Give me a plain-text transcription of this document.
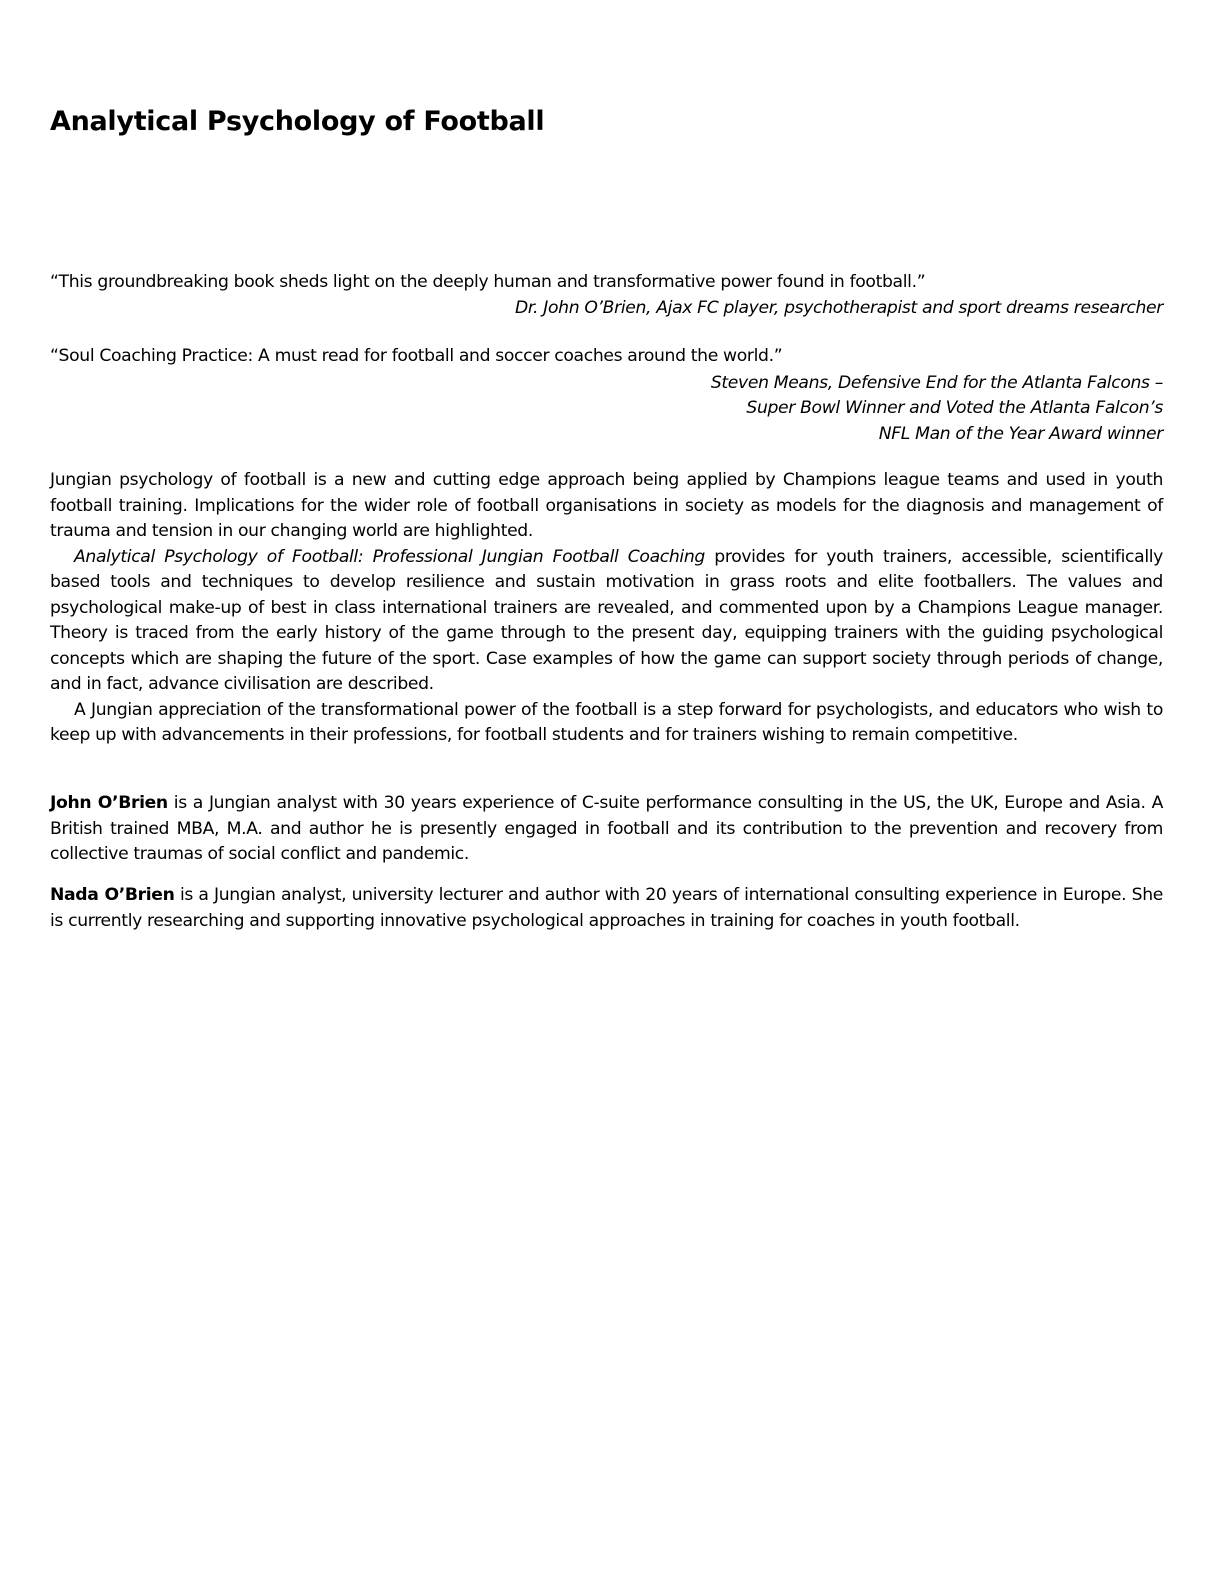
Analytical Psychology of Football

“This groundbreaking book sheds light on the deeply human and transformative power found in football.”

Dr. John O’Brien, Ajax FC player, psychotherapist and sport dreams researcher

“Soul Coaching Practice: A must read for football and soccer coaches around the world.”

Steven Means, Defensive End for the Atlanta Falcons –

Super Bowl Winner and Voted the Atlanta Falcon’s

NFL Man of the Year Award winner

Jungian psychology of football is a new and cutting edge approach being applied by Champions league teams and used in youth football training. Implications for the wider role of football organisations in society as models for the diagnosis and management of trauma and tension in our changing world are highlighted.

Analytical Psychology of Football: Professional Jungian Football Coaching provides for youth trainers, accessible, scientifically based tools and techniques to develop resilience and sustain motivation in grass roots and elite footballers. The values and psychological make-up of best in class international trainers are revealed, and commented upon by a Champions League manager. Theory is traced from the early history of the game through to the present day, equipping trainers with the guiding psychological concepts which are shaping the future of the sport. Case examples of how the game can support society through periods of change, and in fact, advance civilisation are described.

A Jungian appreciation of the transformational power of the football is a step forward for psychologists, and educators who wish to keep up with advancements in their professions, for football students and for trainers wishing to remain competitive.

John O’Brien is a Jungian analyst with 30 years experience of C-suite performance consulting in the US, the UK, Europe and Asia. A British trained MBA, M.A. and author he is presently engaged in football and its contribution to the prevention and recovery from collective traumas of social conflict and pandemic.

Nada O’Brien is a Jungian analyst, university lecturer and author with 20 years of international consulting experience in Europe. She is currently researching and supporting innovative psychological approaches in training for coaches in youth football.
